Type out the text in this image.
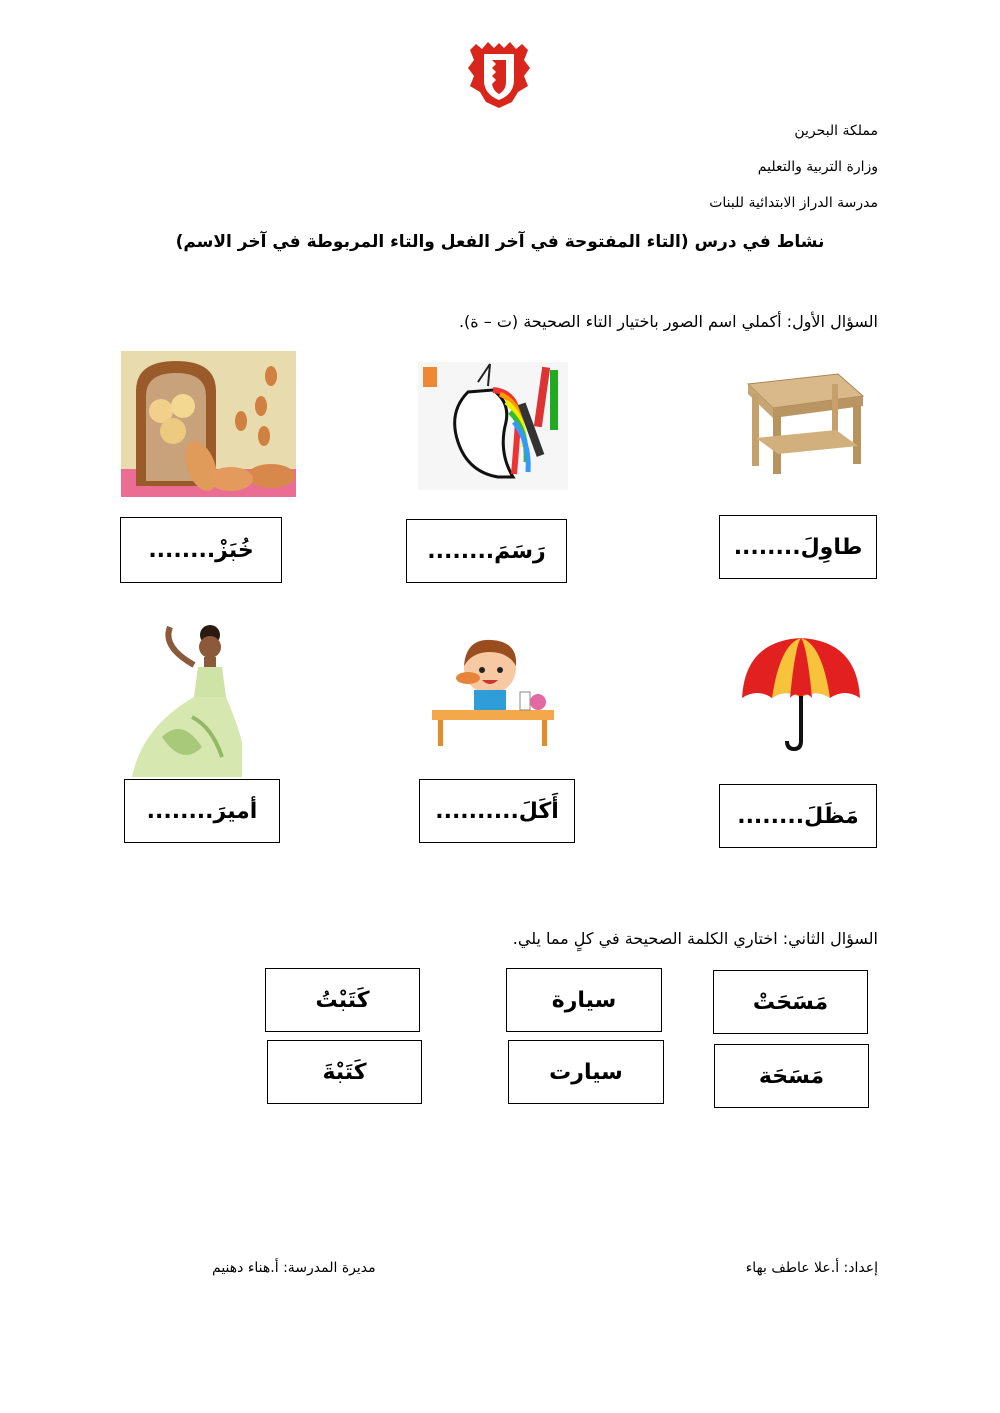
مملكة البحرين
وزارة التربية والتعليم
مدرسة الدراز الابتدائية للبنات
نشاط في درس (التاء المفتوحة في آخر الفعل والتاء المربوطة في آخر الاسم)
السؤال الأول: أكملي اسم الصور باختيار التاء الصحيحة (ت – ة).
طاوِلَ........
رَسَمَ........
خُبَزْ........
مَظَلَ........
أَكَلَ..........
أميرَ........
السؤال الثاني: اختاري الكلمة الصحيحة في كلٍ مما يلي.
مَسَحَتْ
مَسَحَة
سيارة
سيارت
كَتَبْتُ
كَتَبْةَ
إعداد: أ.علا عاطف بهاء
مديرة المدرسة: أ.هناء دهنيم
